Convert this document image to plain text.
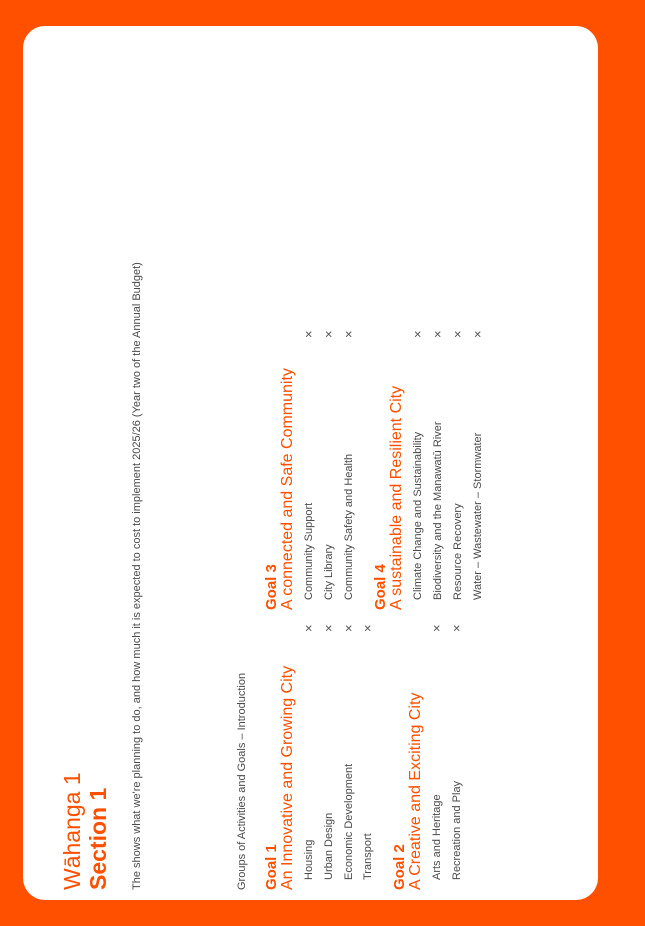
Wāhanga 1 Section 1 The shows what we're planning to do, and how much it is expected to cost to implement 2025/26 (Year two of the Annual Budget)	Groups of Activities and Goals – Introduction Goal 1 An Innovative and Growing City Housing
×
Urban Design
×
Economic Development
×
Transport
×
Goal 2 A Creative and Exciting City Arts and Heritage
×
Recreation and Play
×
Goal 3 A connected and Safe Community Community Support
×
City Library
×
Community Safety and Health
×
Goal 4 A sustainable and Resilient City Climate Change and Sustainability
×
Biodiversity and the Manawatū River
×
Resource Recovery
×
Water – Wastewater – Stormwater
×
